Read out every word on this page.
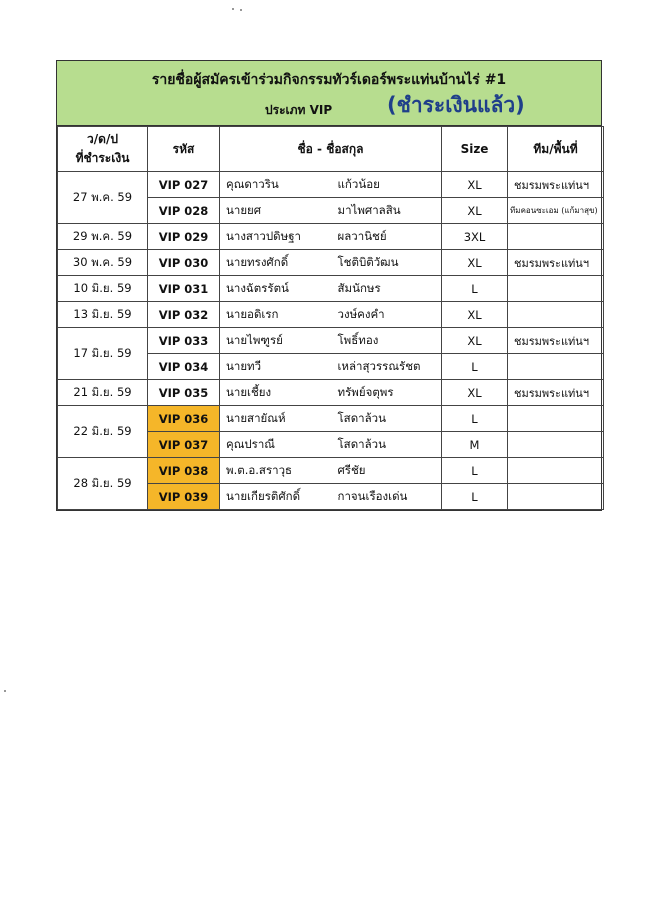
รายชื่อผู้สมัครเข้าร่วมกิจกรรมทัวร์เดอร์พระแท่นบ้านไร่ #1
ประเภท VIP	(ชำระเงินแล้ว)
ว/ด/ป
ที่ชำระเงิน	รหัส	ชื่อ - ชื่อสกุล		Size	ทีม/พื้นที่
27 พ.ค. 59	VIP 027	คุณดาวริน	แก้วน้อย	XL	ชมรมพระแท่นฯ
	VIP 028	นายยศ	มาไพศาลสิน	XL	ทีมคอนซะเอม (แก้มาสุข)
29 พ.ค. 59	VIP 029	นางสาวปดิษฐา	ผลวานิชย์	3XL	
30 พ.ค. 59	VIP 030	นายทรงศักดิ์	โชติบิติวัฒน	XL	ชมรมพระแท่นฯ
10 มิ.ย. 59	VIP 031	นางฉัตรรัตน์	สัมนักษร	L	
13 มิ.ย. 59	VIP 032	นายอดิเรก	วงษ์คงคำ	XL	
17 มิ.ย. 59	VIP 033	นายไพฑูรย์	โพธิ์ทอง	XL	ชมรมพระแท่นฯ
	VIP 034	นายทวี	เหล่าสุวรรณรัชต	L	
21 มิ.ย. 59	VIP 035	นายเชี้ยง	ทรัพย์จตุพร	XL	ชมรมพระแท่นฯ
22 มิ.ย. 59	VIP 036	นายสายัณห์	โสดาล้วน	L	
	VIP 037	คุณปราณี	โสดาล้วน	M	
28 มิ.ย. 59	VIP 038	พ.ต.อ.สราวุธ	ศรีชัย	L	
	VIP 039	นายเกียรติศักดิ์	กาจนเรืองเด่น	L	
